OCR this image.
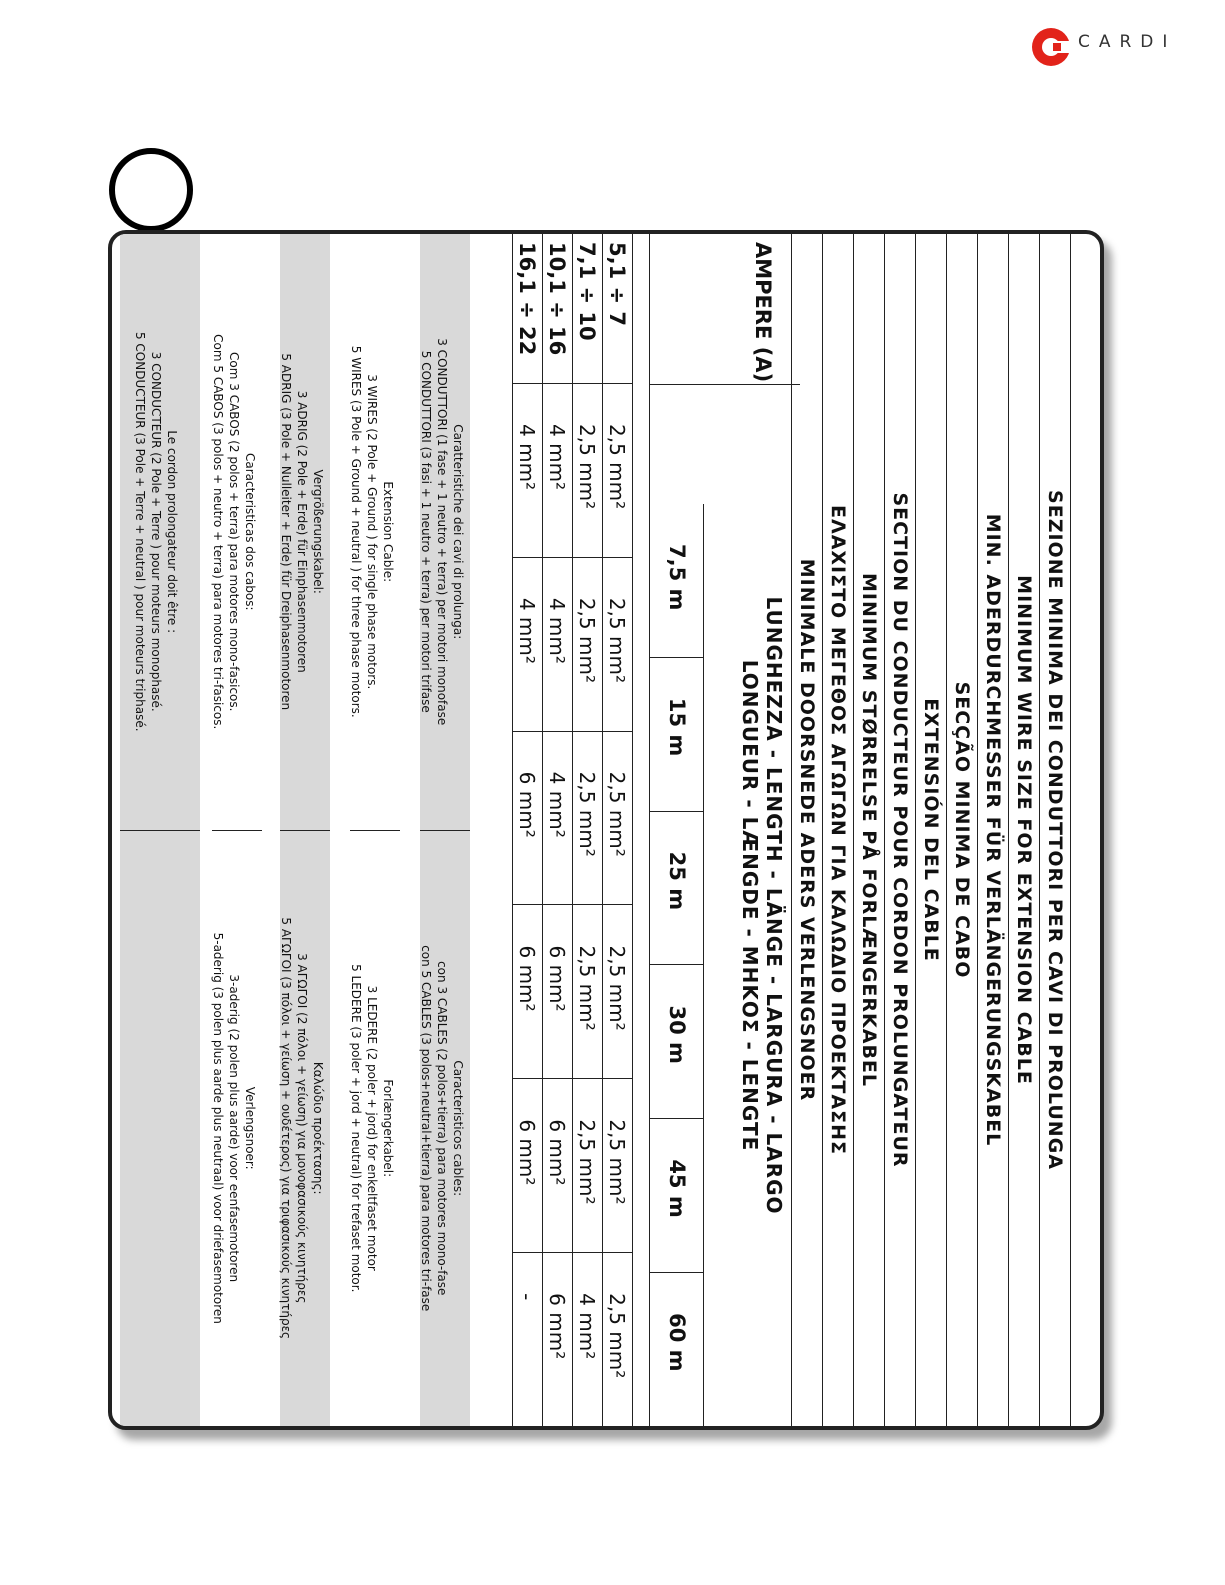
CARDI
SEZIONE MINIMA DEI CONDUTTORI PER CAVI DI PROLUNGA
MINIMUM WIRE SIZE FOR EXTENSION CABLE
MIN. ADERDURCHMESSER FÜR VERLÄNGERUNGSKABEL
SECÇÃO MINIMA DE CABO
EXTENSIÓN DEL CABLE
SECTION DU CONDUCTEUR POUR CORDON PROLUNGATEUR
MINIMUM STØRRELSE PÅ FORLÆNGERKABEL
ΕΛΑΧΙΣΤΟ ΜΕΓΕΘΟΣ ΑΓΩΓΩΝ ΓΙΑ ΚΑΛΩΔΙΟ ΠΡΟΕΚΤΑΣΗΣ
MINIMALE DOORSNEDE ADERS VERLENGSNOER
AMPERE (A)
LUNGHEZZA - LENGTH - LÄNGE - LARGURA - LARGO
LONGUEUR - LÆNGDE - ΜΗΚΟΣ - LENGTE
7,5 m
15 m
25 m
30 m
45 m
60 m
5,1 ÷ 7
2,5 mm²
2,5 mm²
2,5 mm²
2,5 mm²
2,5 mm²
2,5 mm²
7,1 ÷ 10
2,5 mm²
2,5 mm²
2,5 mm²
2,5 mm²
2,5 mm²
4 mm²
10,1 ÷ 16
4 mm²
4 mm²
4 mm²
6 mm²
6 mm²
6 mm²
16,1 ÷ 22
4 mm²
4 mm²
6 mm²
6 mm²
6 mm²
-
Caratteristiche dei cavi di prolunga:
3 CONDUTTORI (1 fase + 1 neutro + terra) per motori monofase
5 CONDUTTORI (3 fasi + 1 neutro + terra) per motori trifase
Caracteristicos cables:
con 3 CABLES (2 polos+tierra) para motores mono-fase
con 5 CABLES (3 polos+neutral+tierra) para motores tri-fase
Extension Cable:
3 WIRES (2 Pole + Ground ) for single phase motors.
5 WIRES (3 Pole + Ground + neutral ) for three phase motors.
Forlængerkabel:
3 LEDERE (2 poler + jord) for enkeltfaset motor
5 LEDERE (3 poler + jord + neutral) for trefaset motor.
Vergrößerungskabel:
3 ADRIG (2 Pole + Erde) für Einphasenmotoren
5 ADRIG (3 Pole + Nulleiter + Erde) für Dreiphasenmotoren
Καλώδιο προέκτασης:
3 ΑΓΩΓΟΙ (2 πόλοι + γείωση) για μονοφασικούς κινητήρες
5 ΑΓΩΓΟΙ (3 πόλοι + γείωση + ουδέτερος) για τριφασικούς κινητήρες
Caracteristicas dos cabos:
Com 3 CABOS (2 polos + terra) para motores mono-fasicos.
Com 5 CABOS (3 polos + neutro + terra) para motores tri-fasicos.
Verlengsnoer:
3-aderig (2 polen plus aarde) voor eenfasemotoren
5-aderig (3 polen plus aarde plus neutraal) voor driefasemotoren
Le cordon prolongateur doit être :
3 CONDUCTEUR (2 Pole + Terre ) pour moteurs monophasé.
5 CONDUCTEUR (3 Pole + Terre + neutral ) pour moteurs triphasé.
